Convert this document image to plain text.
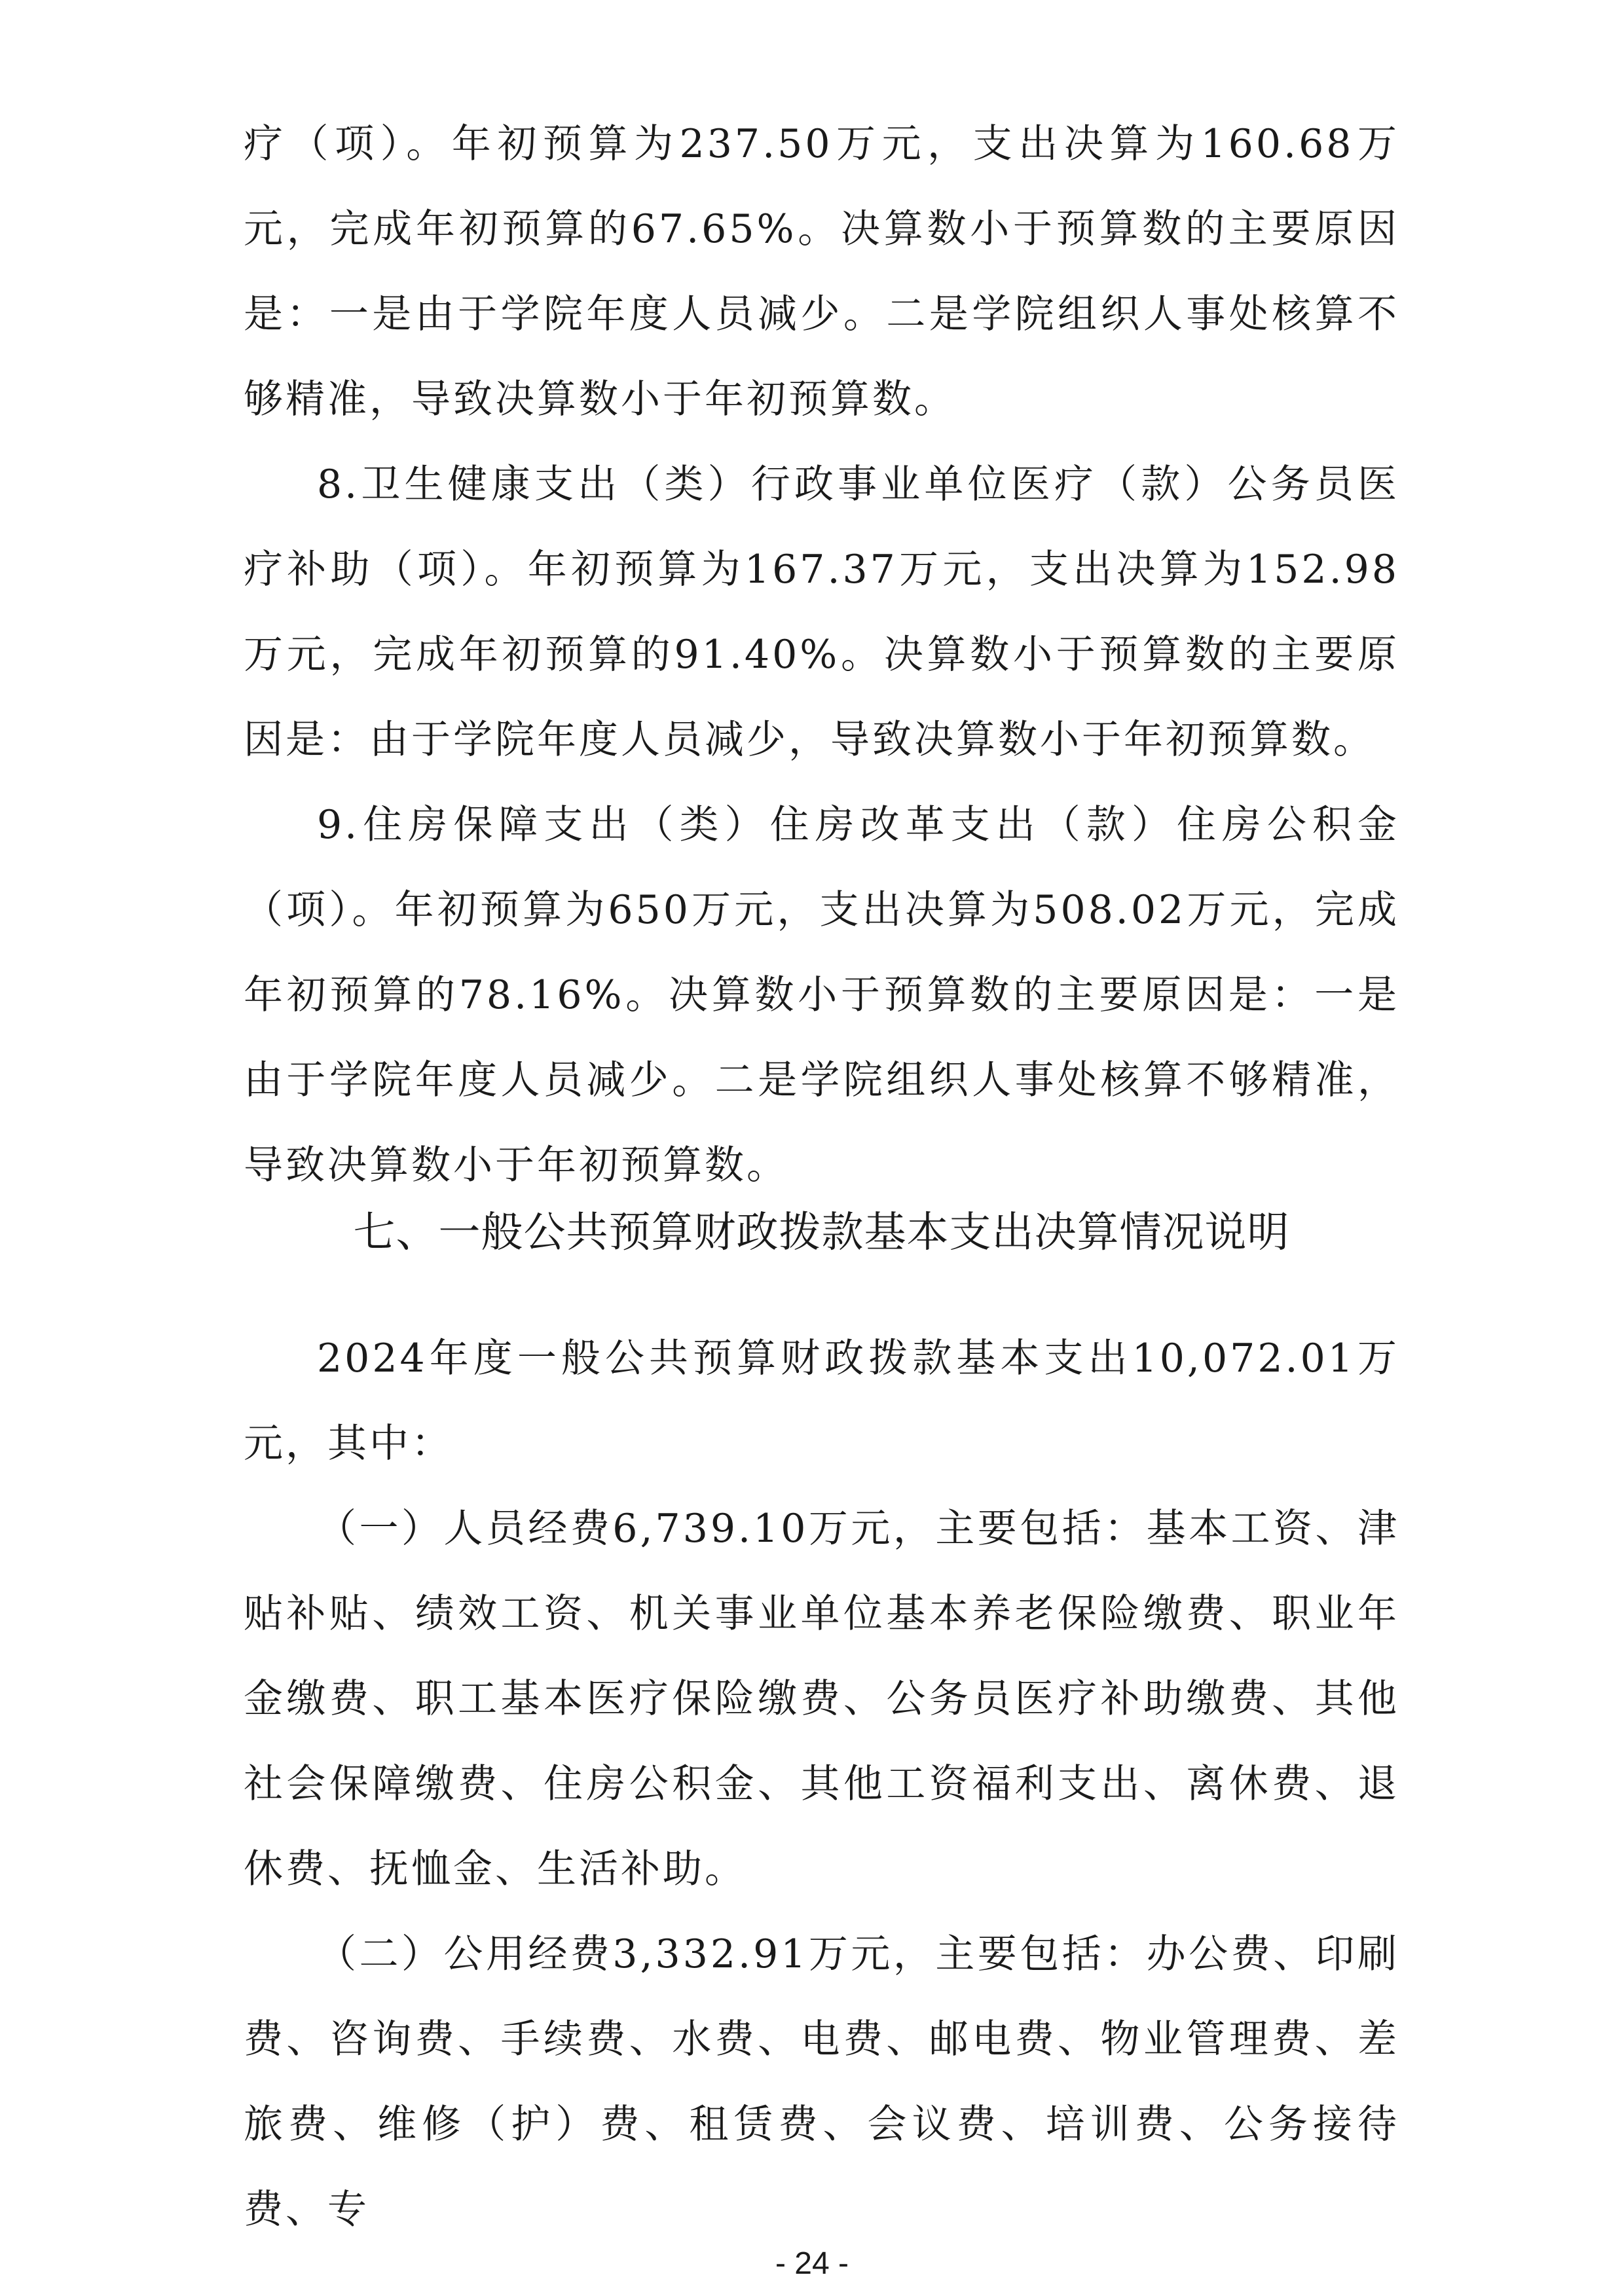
疗（项）。年初预算为237.50万元，支出决算为160.68万元，完成年初预算的67.65%。决算数小于预算数的主要原因是：一是由于学院年度人员减少。二是学院组织人事处核算不够精准，导致决算数小于年初预算数。

8.卫生健康支出（类）行政事业单位医疗（款）公务员医疗补助（项）。年初预算为167.37万元，支出决算为152.98万元，完成年初预算的91.40%。决算数小于预算数的主要原因是：由于学院年度人员减少，导致决算数小于年初预算数。

9.住房保障支出（类）住房改革支出（款）住房公积金（项）。年初预算为650万元，支出决算为508.02万元，完成年初预算的78.16%。决算数小于预算数的主要原因是：一是由于学院年度人员减少。二是学院组织人事处核算不够精准，导致决算数小于年初预算数。

七、一般公共预算财政拨款基本支出决算情况说明

2024年度一般公共预算财政拨款基本支出10,072.01万元，其中：

（一）人员经费6,739.10万元，主要包括：基本工资、津贴补贴、绩效工资、机关事业单位基本养老保险缴费、职业年金缴费、职工基本医疗保险缴费、公务员医疗补助缴费、其他社会保障缴费、住房公积金、其他工资福利支出、离休费、退休费、抚恤金、生活补助。

（二）公用经费3,332.91万元，主要包括：办公费、印刷费、咨询费、手续费、水费、电费、邮电费、物业管理费、差旅费、维修（护）费、租赁费、会议费、培训费、公务接待费、专

- 24 -
